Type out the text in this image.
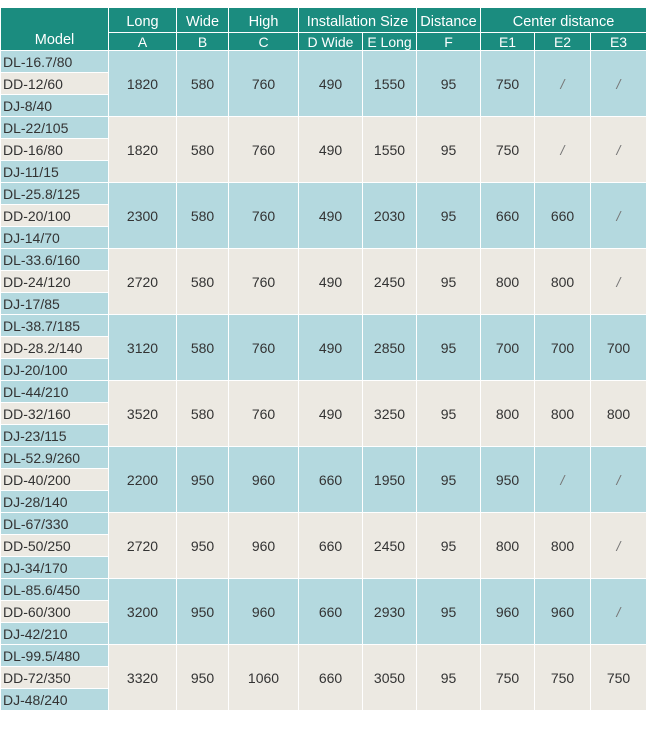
Model	Long	Wide	High	Installation Size		Distance	Center distance		
	A	B	C	D Wide	E Long	F	E1	E2	E3
DL-16.7/80	1820	580	760	490	1550	95	750	/	/
DD-12/60									
DJ-8/40									
DL-22/105	1820	580	760	490	1550	95	750	/	/
DD-16/80									
DJ-11/15									
DL-25.8/125	2300	580	760	490	2030	95	660	660	/
DD-20/100									
DJ-14/70									
DL-33.6/160	2720	580	760	490	2450	95	800	800	/
DD-24/120									
DJ-17/85									
DL-38.7/185	3120	580	760	490	2850	95	700	700	700
DD-28.2/140									
DJ-20/100									
DL-44/210	3520	580	760	490	3250	95	800	800	800
DD-32/160									
DJ-23/115									
DL-52.9/260	2200	950	960	660	1950	95	950	/	/
DD-40/200									
DJ-28/140									
DL-67/330	2720	950	960	660	2450	95	800	800	/
DD-50/250									
DJ-34/170									
DL-85.6/450	3200	950	960	660	2930	95	960	960	/
DD-60/300									
DJ-42/210									
DL-99.5/480	3320	950	1060	660	3050	95	750	750	750
DD-72/350									
DJ-48/240									
